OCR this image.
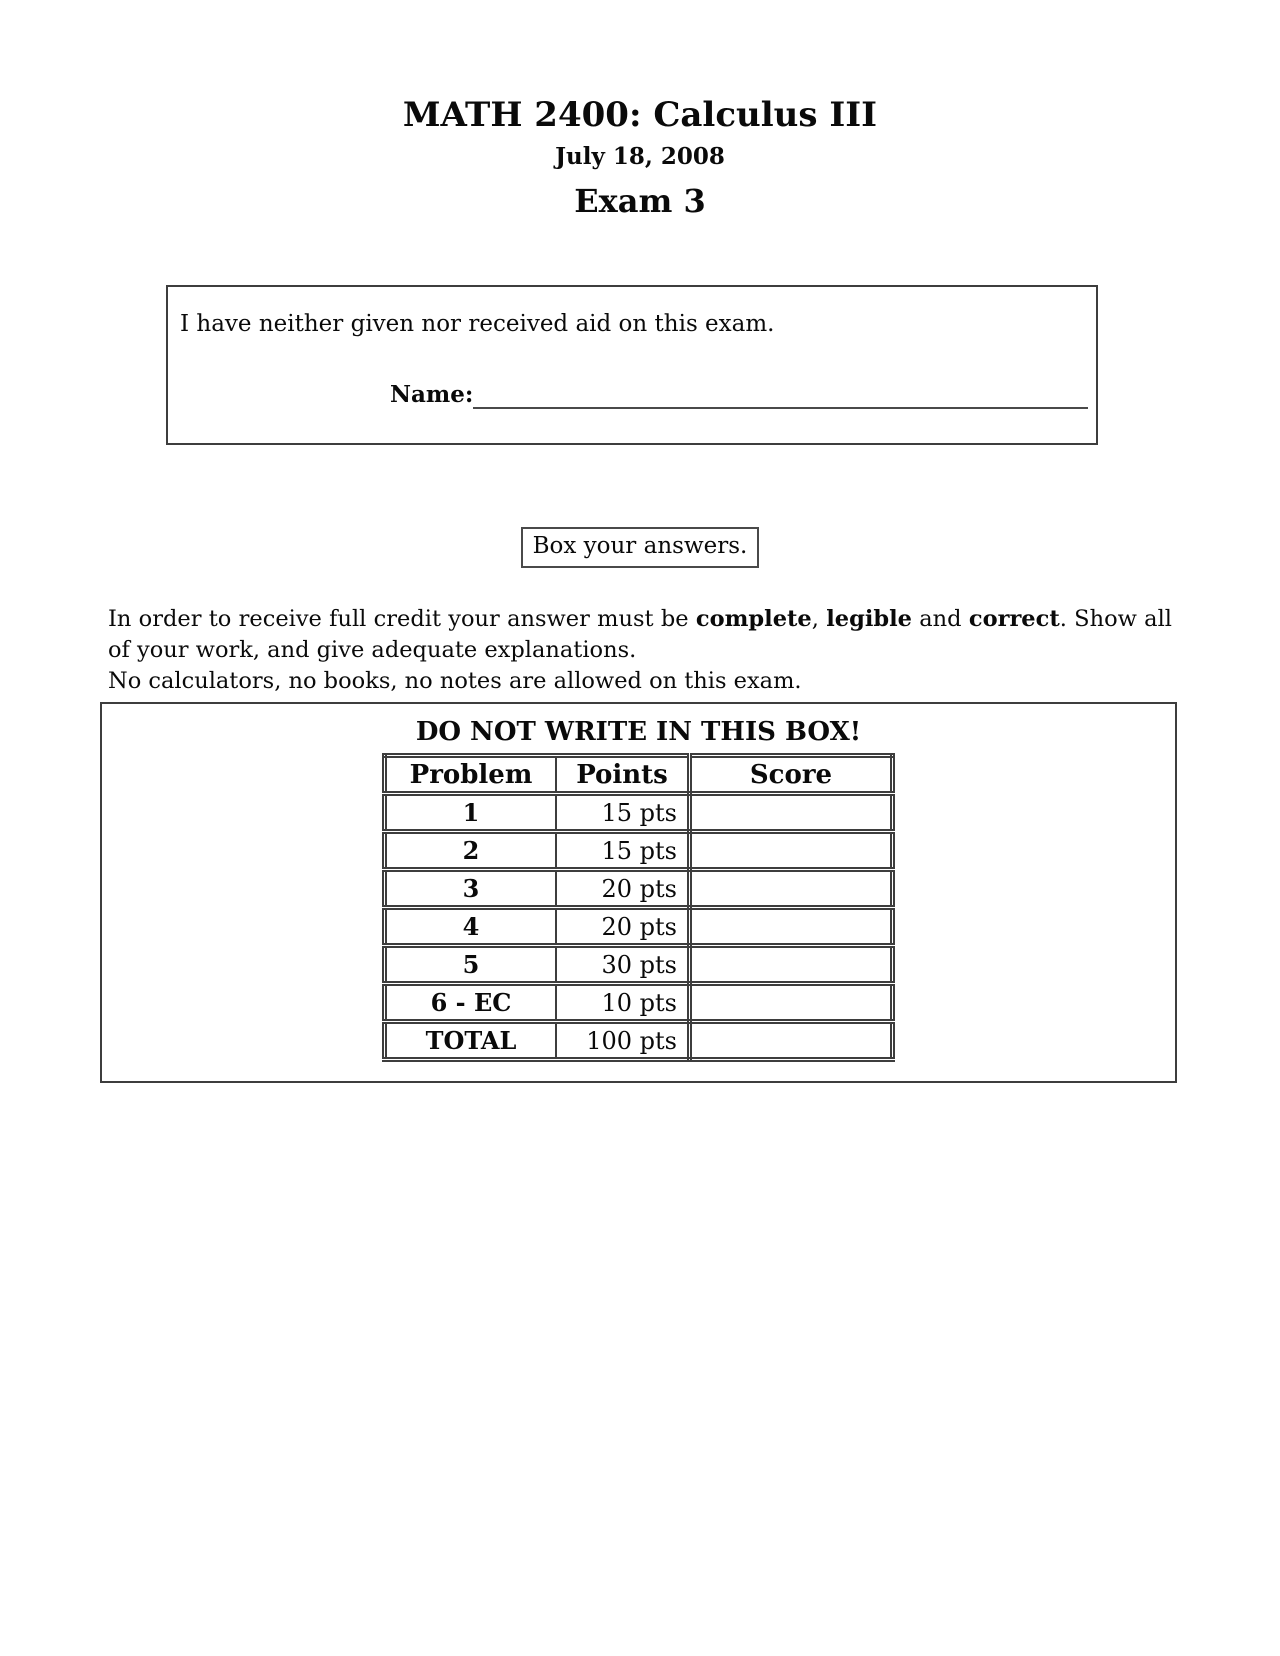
MATH 2400: Calculus III
July 18, 2008
Exam 3
I have neither given nor received aid on this exam.
Name:
Box your answers.

In order to receive full credit your answer must be complete, legible and correct. Show all of your work, and give adequate explanations.

No calculators, no books, no notes are allowed on this exam.

DO NOT WRITE IN THIS BOX!
Problem	Points	Score
1	15 pts	
2	15 pts	
3	20 pts	
4	20 pts	
5	30 pts	
6 - EC	10 pts	
TOTAL	100 pts	
